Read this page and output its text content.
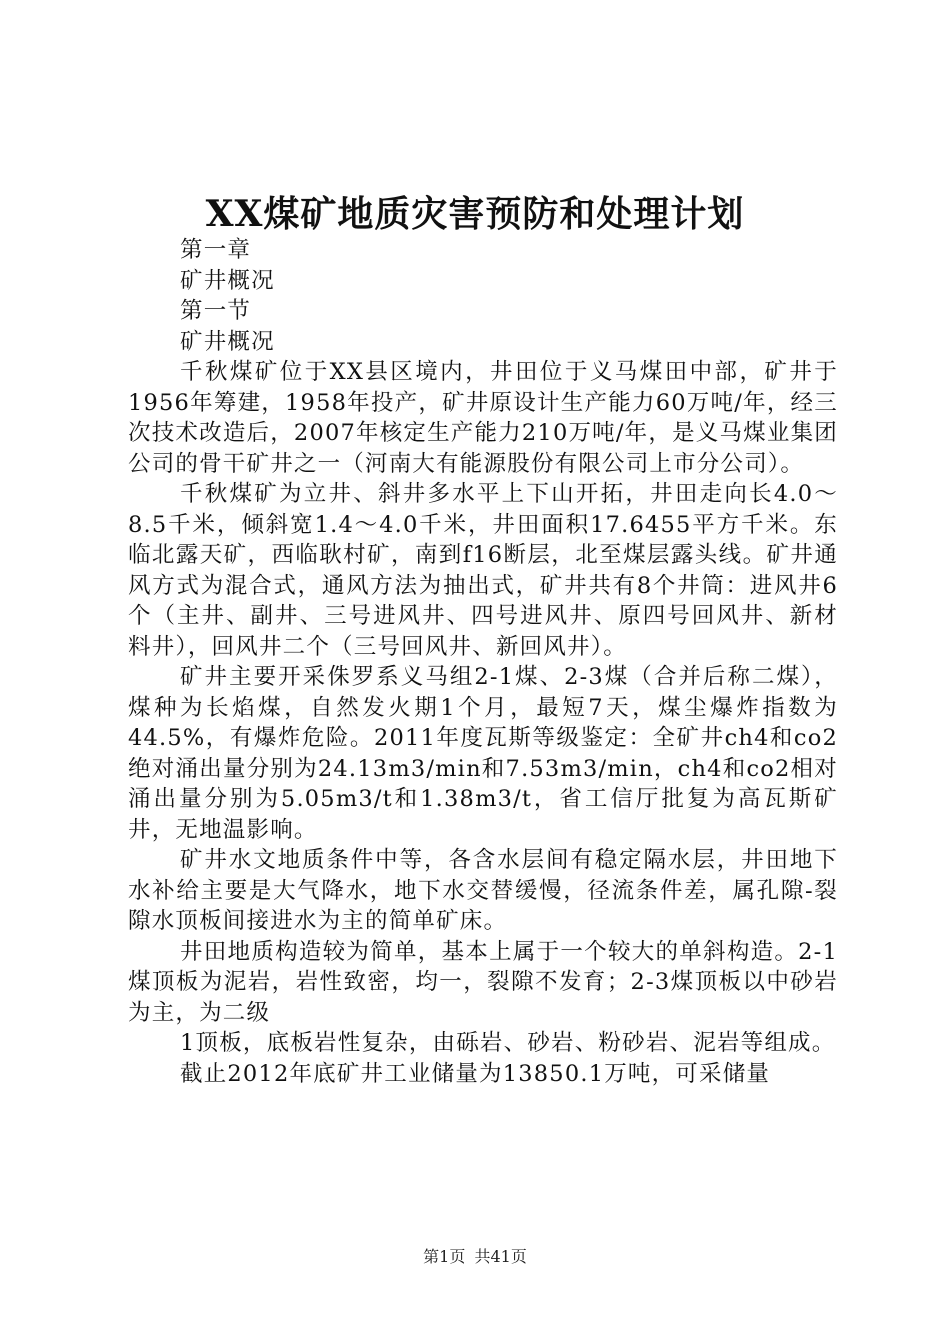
XX煤矿地质灾害预防和处理计划

第一章

矿井概况

第一节

矿井概况

千秋煤矿位于XX县区境内，井田位于义马煤田中部，矿井于1956年筹建，1958年投产，矿井原设计生产能力60万吨/年，经三次技术改造后，2007年核定生产能力210万吨/年，是义马煤业集团公司的骨干矿井之一（河南大有能源股份有限公司上市分公司）。

千秋煤矿为立井、斜井多水平上下山开拓，井田走向长4.0～8.5千米，倾斜宽1.4～4.0千米，井田面积17.6455平方千米。东临北露天矿，西临耿村矿，南到f16断层，北至煤层露头线。矿井通风方式为混合式，通风方法为抽出式，矿井共有8个井筒：进风井6个（主井、副井、三号进风井、四号进风井、原四号回风井、新材料井），回风井二个（三号回风井、新回风井）。

矿井主要开采侏罗系义马组2-1煤、2-3煤（合并后称二煤），煤种为长焰煤，自然发火期1个月，最短7天，煤尘爆炸指数为44.5%，有爆炸危险。2011年度瓦斯等级鉴定：全矿井ch4和co2绝对涌出量分别为24.13m3/min和7.53m3/min，ch4和co2相对涌出量分别为5.05m3/t和1.38m3/t，省工信厅批复为高瓦斯矿井，无地温影响。

矿井水文地质条件中等，各含水层间有稳定隔水层，井田地下水补给主要是大气降水，地下水交替缓慢，径流条件差，属孔隙-裂隙水顶板间接进水为主的简单矿床。

井田地质构造较为简单，基本上属于一个较大的单斜构造。2-1煤顶板为泥岩，岩性致密，均一，裂隙不发育；2-3煤顶板以中砂岩为主，为二级

1顶板，底板岩性复杂，由砾岩、砂岩、粉砂岩、泥岩等组成。

截止2012年底矿井工业储量为13850.1万吨，可采储量

第1页 共41页
